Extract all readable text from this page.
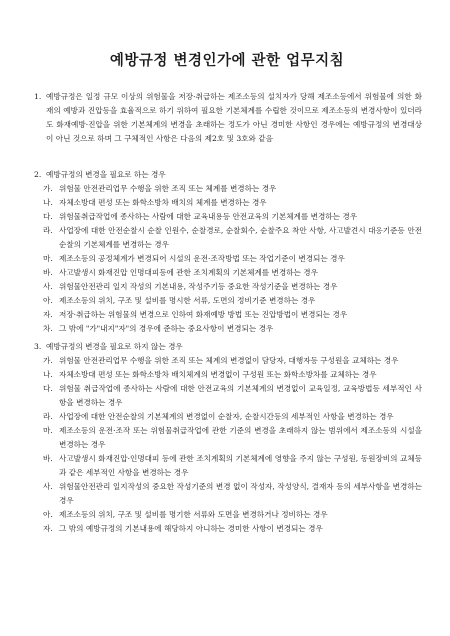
예방규정 변경인가에 관한 업무지침
1. 예방규정은 일정 규모 이상의 위험물을 저장·취급하는 제조소등의 설치자가 당해 제조소등에서 위험물에 의한 화재의 예방과 진압등을 효율적으로 하기 위하여 필요한 기본체계를 수립한 것이므로 제조소등의 변경사항이 있더라도 화재예방·진압을 위한 기본체계의 변경을 초래하는 정도가 아닌 경미한 사항인 경우에는 예방규정의 변경대상이 아닌 것으로 하며 그 구체적인 사항은 다음의 제2호 및 3호와 같음
2. 예방규정의 변경을 필요로 하는 경우
가. 위험물 안전관리업무 수행을 위한 조직 또는 체계를 변경하는 경우
나. 자체소방대 편성 또는 화학소방차 배치의 체계를 변경하는 경우
다. 위험물취급작업에 종사하는 사람에 대한 교육내용등 안전교육의 기본체계를 변경하는 경우
라. 사업장에 대한 안전순찰시 순찰 인원수, 순찰경로, 순찰회수, 순찰주요 착안 사항, 사고발견시 대응기준등 안전순찰의 기본체계를 변경하는 경우
마. 제조소등의 공정체계가 변경되어 시설의 운전·조작방법 또는 작업기준이 변경되는 경우
바. 사고발생시 화재진압 인명대피등에 관한 조치계획의 기본체계를 변경하는 경우
사. 위험물안전관리 일지 작성의 기본내용, 작성주기등 중요한 작성기준을 변경하는 경우
아. 제조소등의 위치, 구조 및 설비를 명시한 서류, 도면의 정비기준 변경하는 경우
자. 저장·취급하는 위험물의 변경으로 인하여 화재예방 방법 또는 진압방법이 변경되는 경우
차. 그 밖에 "가"내지"자"의 경우에 준하는 중요사항이 변경되는 경우
3. 예방규정의 변경을 필요로 하지 않는 경우
가. 위험물 안전관리업무 수행을 위한 조직 또는 체계의 변경없이 담당자, 대행자등 구성원을 교체하는 경우
나. 자체소방대 편성 또는 화학소방차 배치체계의 변경없이 구성원 또는 화학소방차를 교체하는 경우
다. 위험물 취급작업에 종사하는 사람에 대한 안전교육의 기본체계의 변경없이 교육일정, 교육방법등 세부적인 사항을 변경하는 경우
라. 사업장에 대한 안전순찰의 기본체계의 변경없이 순찰자, 순찰시간등의 세부적인 사항을 변경하는 경우
마. 제조소등의 운전·조작 또는 위험물취급작업에 관한 기준의 변경을 초래하지 않는 범위에서 제조소등의 시설을 변경하는 경우
바. 사고발생시 화재진압·인명대피 등에 관한 조치계획의 기본체계에 영향을 주지 않는 구성원, 동원장비의 교체등과 같은 세부적인 사항을 변경하는 경우
사. 위험물안전관리 일지작성의 중요한 작성기준의 변경 없이 작성자, 작성양식, 결재자 등의 세부사항을 변경하는 경우
아. 제조소등의 위치, 구조 및 설비를 명기한 서류와 도면을 변경하거나 정비하는 경우
자. 그 밖의 예방규정의 기본내용에 해당하지 아니하는 경미한 사항이 변경되는 경우
